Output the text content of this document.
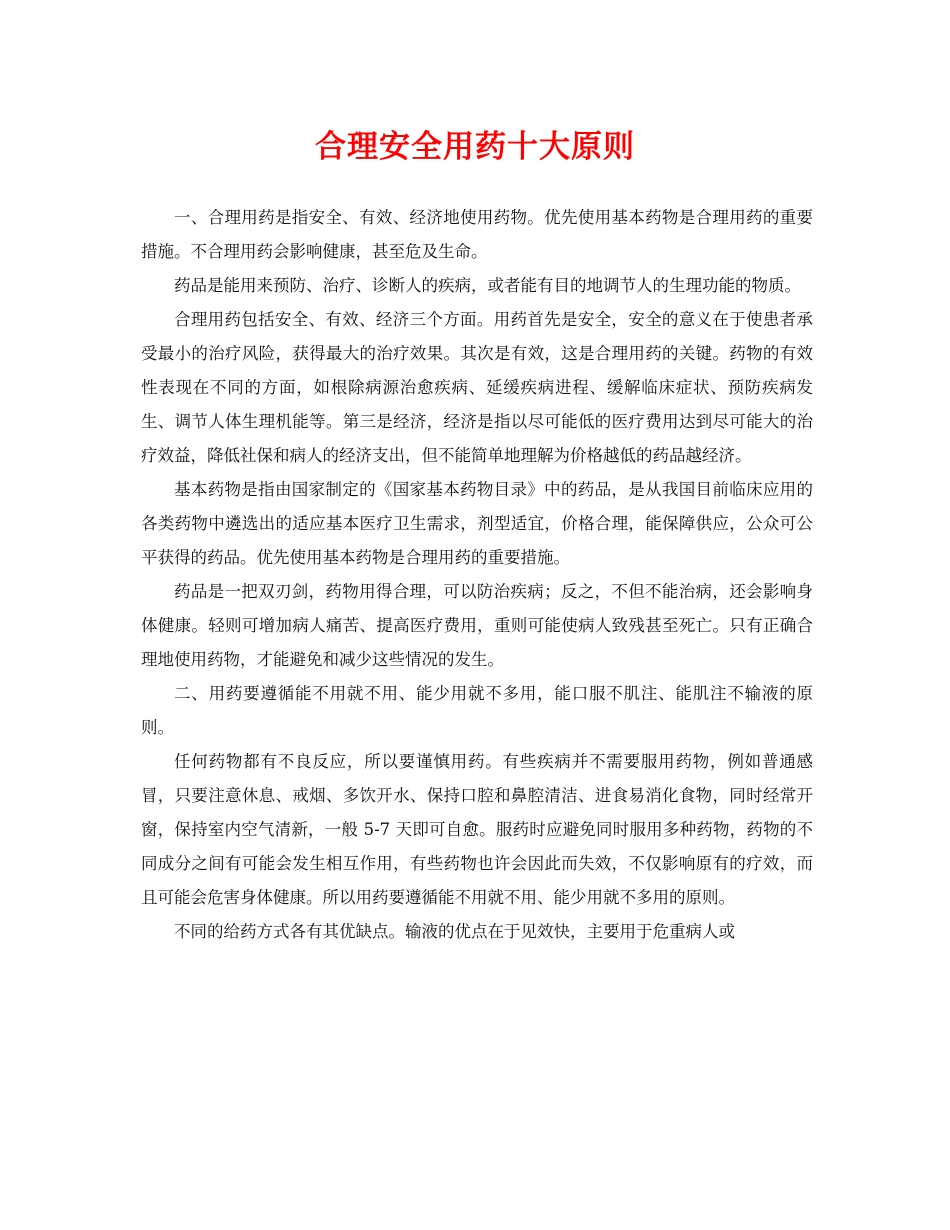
合理安全用药十大原则

一、合理用药是指安全、有效、经济地使用药物。优先使用基本药物是合理用药的重要措施。不合理用药会影响健康，甚至危及生命。

药品是能用来预防、治疗、诊断人的疾病，或者能有目的地调节人的生理功能的物质。

合理用药包括安全、有效、经济三个方面。用药首先是安全，安全的意义在于使患者承受最小的治疗风险，获得最大的治疗效果。其次是有效，这是合理用药的关键。药物的有效性表现在不同的方面，如根除病源治愈疾病、延缓疾病进程、缓解临床症状、预防疾病发生、调节人体生理机能等。第三是经济，经济是指以尽可能低的医疗费用达到尽可能大的治疗效益，降低社保和病人的经济支出，但不能简单地理解为价格越低的药品越经济。

基本药物是指由国家制定的《国家基本药物目录》中的药品，是从我国目前临床应用的各类药物中遴选出的适应基本医疗卫生需求，剂型适宜，价格合理，能保障供应，公众可公平获得的药品。优先使用基本药物是合理用药的重要措施。

药品是一把双刃剑，药物用得合理，可以防治疾病；反之，不但不能治病，还会影响身体健康。轻则可增加病人痛苦、提高医疗费用，重则可能使病人致残甚至死亡。只有正确合理地使用药物，才能避免和减少这些情况的发生。

二、用药要遵循能不用就不用、能少用就不多用，能口服不肌注、能肌注不输液的原则。

任何药物都有不良反应，所以要谨慎用药。有些疾病并不需要服用药物，例如普通感冒，只要注意休息、戒烟、多饮开水、保持口腔和鼻腔清洁、进食易消化食物，同时经常开窗，保持室内空气清新，一般 5-7 天即可自愈。服药时应避免同时服用多种药物，药物的不同成分之间有可能会发生相互作用，有些药物也许会因此而失效，不仅影响原有的疗效，而且可能会危害身体健康。所以用药要遵循能不用就不用、能少用就不多用的原则。

不同的给药方式各有其优缺点。输液的优点在于见效快，主要用于危重病人或
